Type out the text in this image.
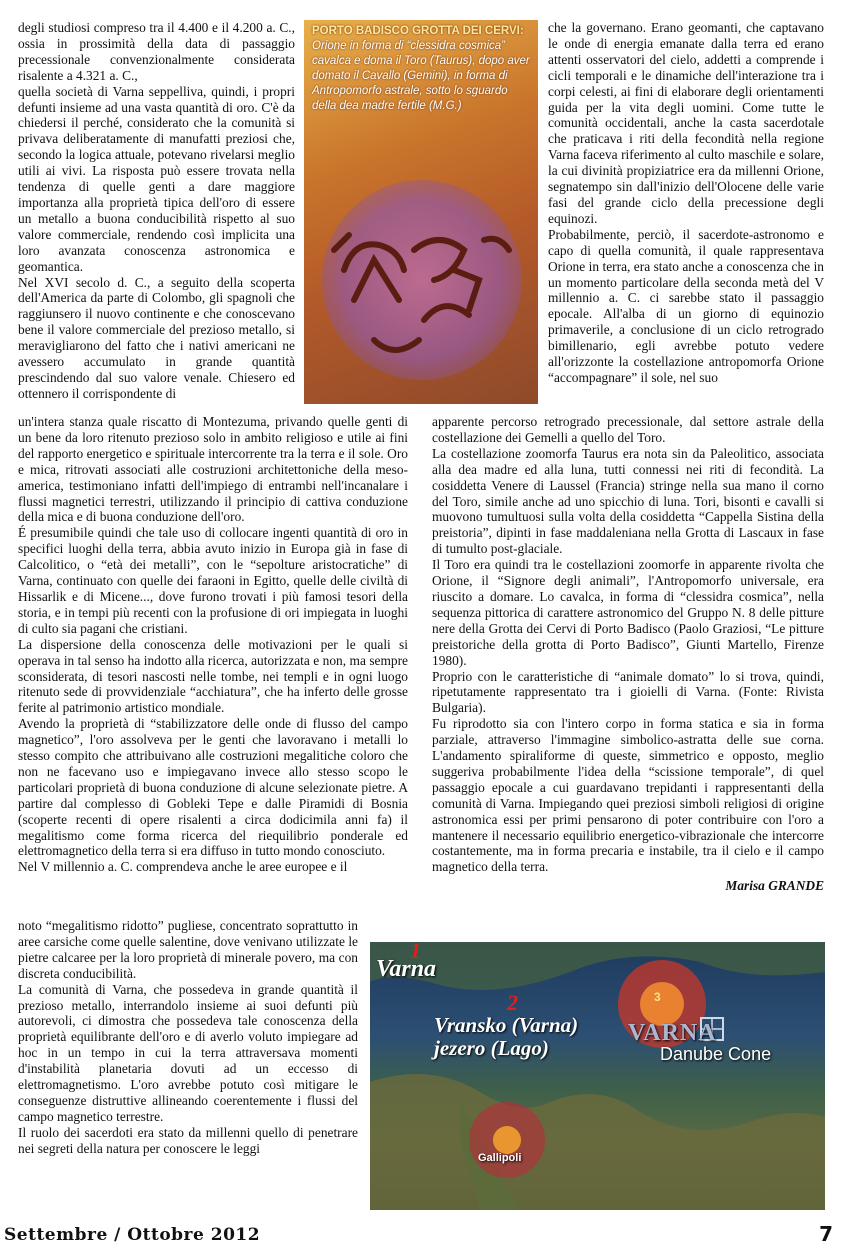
degli studiosi compreso tra il 4.400 e il 4.200 a. C., ossia in prossimità della data di passaggio precessionale convenzionalmente considerata risalente a 4.321 a. C.,

quella società di Varna seppelliva, quindi, i propri defunti insieme ad una vasta quantità di oro. C'è da chiedersi il perché, considerato che la comunità si privava deliberatamente di manufatti preziosi che, secondo la logica attuale, potevano rivelarsi meglio utili ai vivi. La risposta può essere trovata nella tendenza di quelle genti a dare maggiore importanza alla proprietà tipica dell'oro di essere un metallo a buona conducibilità rispetto al suo valore commerciale, rendendo così implicita una loro avanzata conoscenza astronomica e geomantica.

Nel XVI secolo d. C., a seguito della scoperta dell'America da parte di Colombo, gli spagnoli che raggiunsero il nuovo continente e che conoscevano bene il valore commerciale del prezioso metallo, si meravigliarono del fatto che i nativi americani ne avessero accumulato in grande quantità prescindendo dal suo valore venale. Chiesero ed ottennero il corrispondente di

PORTO BADISCO GROTTA DEI CERVI: Orione in forma di “clessidra cosmica” cavalca e doma il Toro (Taurus), dopo aver domato il Cavallo (Gemini), in forma di Antropomorfo astrale, sotto lo sguardo della dea madre fertile (M.G.)

che la governano. Erano geomanti, che captavano le onde di energia emanate dalla terra ed erano attenti osservatori del cielo, addetti a comprende i cicli temporali e le dinamiche dell'interazione tra i corpi celesti, ai fini di elaborare degli orientamenti guida per la vita degli uomini. Come tutte le comunità occidentali, anche la casta sacerdotale che praticava i riti della fecondità nella regione Varna faceva riferimento al culto maschile e solare, la cui divinità propiziatrice era da millenni Orione, segnatempo sin dall'inizio dell'Olocene delle varie fasi del grande ciclo della precessione degli equinozi.

Probabilmente, perciò, il sacerdote-astronomo e capo di quella comunità, il quale rappresentava Orione in terra, era stato anche a conoscenza che in un momento particolare della seconda metà del V millennio a. C. ci sarebbe stato il passaggio epocale. All'alba di un giorno di equinozio primaverile, a conclusione di un ciclo retrogrado bimillenario, egli avrebbe potuto vedere all'orizzonte la costellazione antropomorfa Orione “accompagnare” il sole, nel suo

un'intera stanza quale riscatto di Montezuma, privando quelle genti di un bene da loro ritenuto prezioso solo in ambito religioso e utile ai fini del rapporto energetico e spirituale intercorrente tra la terra e il sole. Oro e mica, ritrovati associati alle costruzioni architettoniche della meso-america, testimoniano infatti dell'impiego di entrambi nell'incanalare i flussi magnetici terrestri, utilizzando il principio di cattiva conduzione della mica e di buona conduzione dell'oro.

É presumibile quindi che tale uso di collocare ingenti quantità di oro in specifici luoghi della terra, abbia avuto inizio in Europa già in fase di Calcolitico, o “età dei metalli”, con le “sepolture aristocratiche” di Varna, continuato con quelle dei faraoni in Egitto, quelle delle civiltà di Hissarlik e di Micene..., dove furono trovati i più famosi tesori della storia, e in tempi più recenti con la profusione di ori impiegata in luoghi di culto sia pagani che cristiani.

La dispersione della conoscenza delle motivazioni per le quali si operava in tal senso ha indotto alla ricerca, autorizzata e non, ma sempre sconsiderata, di tesori nascosti nelle tombe, nei templi e in ogni luogo ritenuto sede di provvidenziale “acchiatura”, che ha inferto delle grosse ferite al patrimonio artistico mondiale.

Avendo la proprietà di “stabilizzatore delle onde di flusso del campo magnetico”, l'oro assolveva per le genti che lavoravano i metalli lo stesso compito che attribuivano alle costruzioni megalitiche coloro che non ne facevano uso e impiegavano invece allo stesso scopo le particolari proprietà di buona conduzione di alcune selezionate pietre. A partire dal complesso di Gobleki Tepe e dalle Piramidi di Bosnia (scoperte recenti di opere risalenti a circa dodicimila anni fa) il megalitismo come forma ricerca del riequilibrio ponderale ed elettromagnetico della terra si era diffuso in tutto mondo conosciuto.

Nel V millennio a. C. comprendeva anche le aree europee e il

apparente percorso retrogrado precessionale, dal settore astrale della costellazione dei Gemelli a quello del Toro.

La costellazione zoomorfa Taurus era nota sin da Paleolitico, associata alla dea madre ed alla luna, tutti connessi nei riti di fecondità. La cosiddetta Venere di Laussel (Francia) stringe nella sua mano il corno del Toro, simile anche ad uno spicchio di luna. Tori, bisonti e cavalli si muovono tumultuosi sulla volta della cosiddetta “Cappella Sistina della preistoria”, dipinti in fase maddaleniana nella Grotta di Lascaux in fase di tumulto post-glaciale.

Il Toro era quindi tra le costellazioni zoomorfe in apparente rivolta che Orione, il “Signore degli animali”, l'Antropomorfo universale, era riuscito a domare. Lo cavalca, in forma di “clessidra cosmica”, nella sequenza pittorica di carattere astronomico del Gruppo N. 8 delle pitture nere della Grotta dei Cervi di Porto Badisco (Paolo Graziosi, “Le pitture preistoriche della grotta di Porto Badisco”, Giunti Martello, Firenze 1980).

Proprio con le caratteristiche di “animale domato” lo si trova, quindi, ripetutamente rappresentato tra i gioielli di Varna. (Fonte: Rivista Bulgaria).

Fu riprodotto sia con l'intero corpo in forma statica e sia in forma parziale, attraverso l'immagine simbolico-astratta delle sue corna. L'andamento spiraliforme di queste, simmetrico e opposto, meglio suggeriva probabilmente l'idea della “scissione temporale”, di quel passaggio epocale a cui guardavano trepidanti i rappresentanti della comunità di Varna. Impiegando quei preziosi simboli religiosi di origine astronomica essi per primi pensarono di poter contribuire con l'oro a mantenere il necessario equilibrio energetico-vibrazionale che intercorre costantemente, ma in forma precaria e instabile, tra il cielo e il campo magnetico della terra.

Marisa GRANDE

noto “megalitismo ridotto” pugliese, concentrato soprattutto in aree carsiche come quelle salentine, dove venivano utilizzate le pietre calcaree per la loro proprietà di minerale povero, ma con discreta conducibilità.

La comunità di Varna, che possedeva in grande quantità il prezioso metallo, interrandolo insieme ai suoi defunti più autorevoli, ci dimostra che possedeva tale conoscenza della proprietà equilibrante dell'oro e di averlo voluto impiegare ad hoc in un tempo in cui la terra attraversava momenti d'instabilità planetaria dovuti ad un eccesso di elettromagnetismo. L'oro avrebbe potuto così mitigare le conseguenze distruttive allineando coerentemente i flussi del campo magnetico terrestre.

Il ruolo dei sacerdoti era stato da millenni quello di penetrare nei segreti della natura per conoscere le leggi

1
Varna
2
Vransko (Varna)
jezero (Lago)
3
VARNA
Danube Cone
Gallipoli
Settembre / Ottobre 2012	7
